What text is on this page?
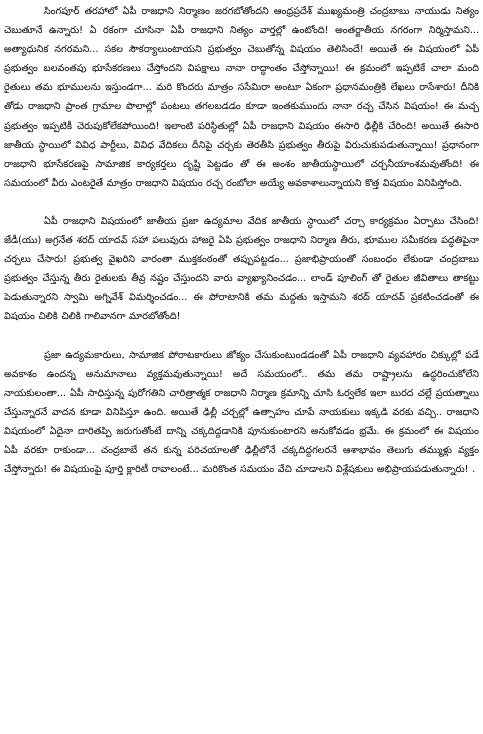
సింగపూర్ తరహాలో ఏపీ రాజధాని నిర్మాణం జరగబోతోందని ఆంధ్రప్రదేశ్ ముఖ్యమంత్రి చంద్రబాబు నాయుడు నిత్యం చెబుతూనే ఉన్నారు! ఏ రకంగా చూసినా ఏపీ రాజధాని నిత్యం వార్తల్లో ఉంటోంది! అంతర్జాతీయ నగరంగా నిర్మిస్తామని... అత్యాధునిక నగరమని... సకల సౌకర్యాలుంటాయని ప్రభుత్వం చెబుతోన్న విషయం తెలిసిందే! అయితే ఈ విషయంలో ఏపీ ప్రభుత్వం బలవంతపు భూసేకరణలు చేస్తోందని విపక్షాలు నానా రాద్ధాంతం చేస్తోన్నాయి! ఈ క్రమంలో ఇప్పటికే చాలా మంది రైతులు తమ భూములను ఇస్తుండగా... మరి కొందరు మాత్రం ససేమిరా అంటూ ఏకంగా ప్రధానమంత్రికి లేఖలు రాసేశారు! దీనికి తోడు రాజధాని ప్రాంత గ్రామాల పొలాల్లో పంటలు తగలబడడం కూడా ఇంతకుముందు నానా రచ్చ చేసిన విషయం! ఈ మచ్చ ప్రభుత్వం ఇప్పటికీ చెరుపుకోలేకపోయింది! ఇలాంటి పరిస్ధితుల్లో ఏపీ రాజధాని విషయం ఈసారి ఢిల్లీకి చేరింది! అయితే ఈసారి జాతీయ స్ధాయిలో వివిధ పార్టీలు, వివిధ వేదికలు దీనిపై చర్చకు తెరతీసి ప్రభుత్వం తీరుపై విరుచుకుపడుతున్నాయి! ప్రధానంగా రాజధాని భూసేకరణపై సామాజిక కార్యకర్తలు దృష్టి పెట్టడం తో ఈ అంశం జాతీయస్ధాయిలో చర్చనీయాంశమవుతోంది! ఈ సమయంలో వీరు ఎంటరైతే మాత్రం రాజధాని విషయం రచ్చ రంబోలా అయ్యే అవకాశాలున్నాయని కొత్త విషయం వినిపిస్తోంది.

ఏపీ రాజధాని విషయంలో జాతీయ ప్రజా ఉద్యమాల వేదిక జాతీయ స్ధాయిలో చర్చా కార్యక్రమం ఏర్పాటు చేసింది! జేడీ(యు) అగ్రనేత శరద్ యాదవ్ సహా పలువురు హాజరై ఏపి ప్రభుత్వం రాజధాని నిర్మాణ తీరు, భూముల సమీకరణ పద్ధతిపైనా చర్చలు చేసారు! ప్రభుత్వ వైఖరిని వారంతా ముక్తకంఠంతో తప్పుపట్టడం... ప్రజాభిప్రాయంతో సంబంధం లేకుండా చంద్రబాబు ప్రభుత్వం చేస్తున్న తీరు రైతులకు తీవ్ర నష్టం చేస్తుందని వారు వ్యాఖ్యానించడం... లాండ్ పూలింగ్ తో రైతుల జీవితాలు తాకట్టు పెడుతున్నారని స్వామి అగ్నివేశ్ విమర్శించడం... ఈ పోరాటానికి తమ మద్దతు ఇస్తామని శరద్ యాదవ్ ప్రకటించడంతో ఈ విషయం చిలికి చిలికి గాలివానగా మారబోతోంది!

ప్రజా ఉద్యమకారులు, సామాజిక పోరాటకారులు జోక్యం చేసుకుంటుండడంతో ఏపీ రాజధాని వ్యవహారం చిక్కుల్లో పడే అవకాశం ఉందన్న అనుమానాలు వ్యక్తమవుతున్నాయి! అదే సమయంలో.. తమ తమ రాష్ట్రాలను ఉద్ధరించుకోలేని నాయకులంతా... ఏపీ సాధిస్తున్న పురోగతిని చారిత్రాత్మక రాజధాని నిర్మాణ క్రమాన్ని చూసి ఓర్వలేక ఇలా బురద చల్లే ప్రయత్నాలు చేస్తున్నారనే వాదన కూడా వినిపిస్తూ ఉంది. అయితే ఢిల్లీ చర్చల్లో ఉత్సాహం చూపే నాయకులు ఇక్కడి వరకు వచ్చి.. రాజధాని విషయంలో ఏదైనా దారితప్పి జరుగుతోంటే దాన్ని చక్కదిద్దడానికి పూనుకుంటారని అనుకోవడం భ్రమే. ఈ క్రమంలో ఈ విషయం ఏపీ వరకూ రాకుండా... చంద్రబాబే తన కున్న పరిచయాలతో ఢిల్లీలోనే చక్కదిద్దగలరనే ఆశాభావం తెలుగు తమ్ముళ్లు వ్యక్తం చేస్తోన్నారు! ఈ విషయంపై పూర్తి క్లారిటీ రావాలంటే... మరికొంత సమయం వేచి చూడాలని విశ్లేషకులు అభిప్రాయపడుతున్నారు! .
